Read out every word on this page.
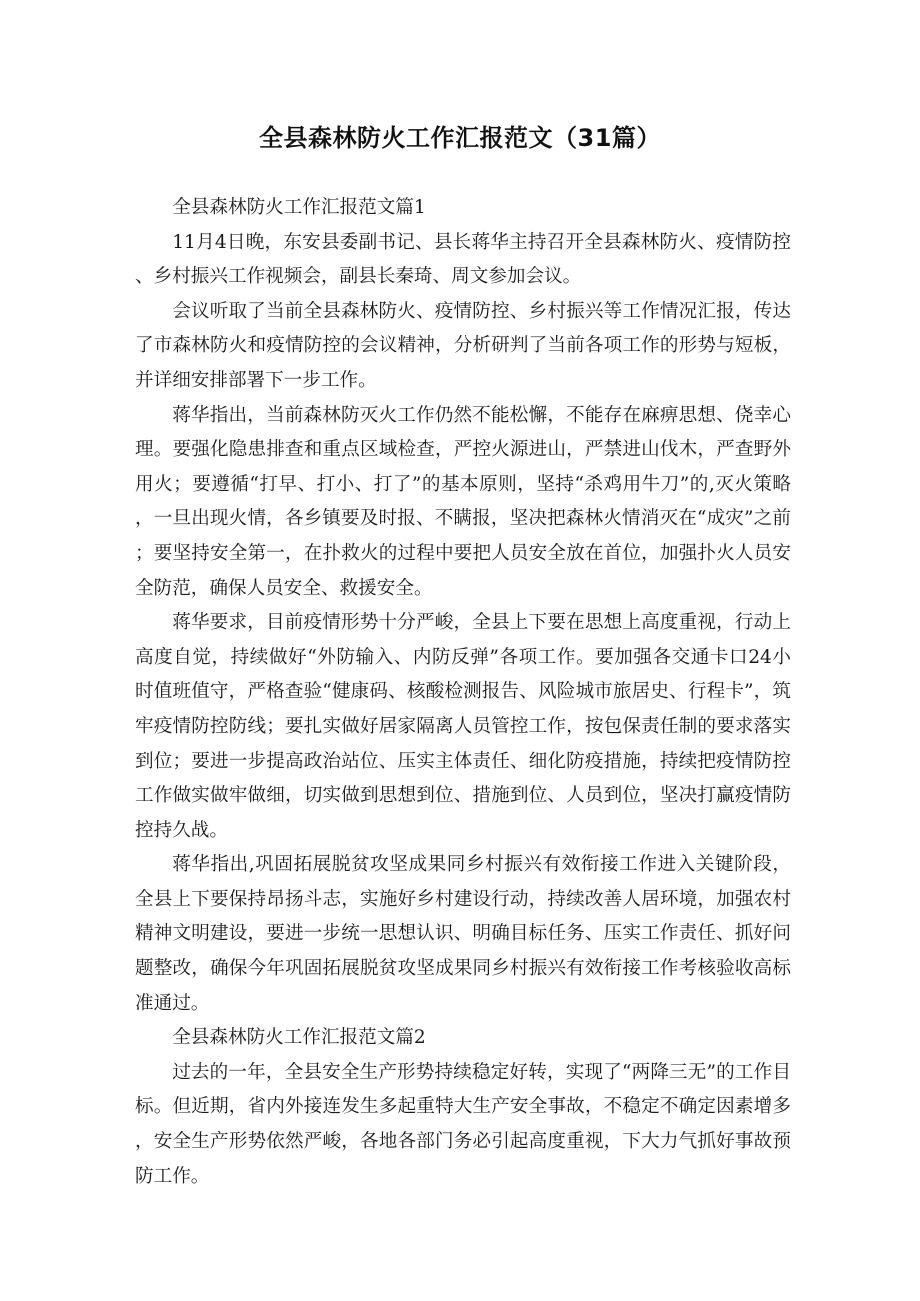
全县森林防火工作汇报范文（31篇）

全县森林防火工作汇报范文篇1

11月4日晚，东安县委副书记、县长蒋华主持召开全县森林防火、疫情防控、乡村振兴工作视频会，副县长秦琦、周文参加会议。

会议听取了当前全县森林防火、疫情防控、乡村振兴等工作情况汇报，传达了市森林防火和疫情防控的会议精神，分析研判了当前各项工作的形势与短板，并详细安排部署下一步工作。

蒋华指出，当前森林防灭火工作仍然不能松懈，不能存在麻痹思想、侥幸心理。要强化隐患排查和重点区域检查，严控火源进山，严禁进山伐木，严查野外用火；要遵循“打早、打小、打了”的基本原则，坚持“杀鸡用牛刀”的,灭火策略，一旦出现火情，各乡镇要及时报、不瞒报，坚决把森林火情消灭在“成灾”之前；要坚持安全第一，在扑救火的过程中要把人员安全放在首位，加强扑火人员安全防范，确保人员安全、救援安全。

蒋华要求，目前疫情形势十分严峻，全县上下要在思想上高度重视，行动上高度自觉，持续做好“外防输入、内防反弹”各项工作。要加强各交通卡口24小时值班值守，严格查验“健康码、核酸检测报告、风险城市旅居史、行程卡”，筑牢疫情防控防线；要扎实做好居家隔离人员管控工作，按包保责任制的要求落实到位；要进一步提高政治站位、压实主体责任、细化防疫措施，持续把疫情防控工作做实做牢做细，切实做到思想到位、措施到位、人员到位，坚决打赢疫情防控持久战。

蒋华指出,巩固拓展脱贫攻坚成果同乡村振兴有效衔接工作进入关键阶段，全县上下要保持昂扬斗志，实施好乡村建设行动，持续改善人居环境，加强农村精神文明建设，要进一步统一思想认识、明确目标任务、压实工作责任、抓好问题整改，确保今年巩固拓展脱贫攻坚成果同乡村振兴有效衔接工作考核验收高标准通过。

全县森林防火工作汇报范文篇2

过去的一年，全县安全生产形势持续稳定好转，实现了“两降三无”的工作目标。但近期，省内外接连发生多起重特大生产安全事故，不稳定不确定因素增多，安全生产形势依然严峻，各地各部门务必引起高度重视，下大力气抓好事故预防工作。
